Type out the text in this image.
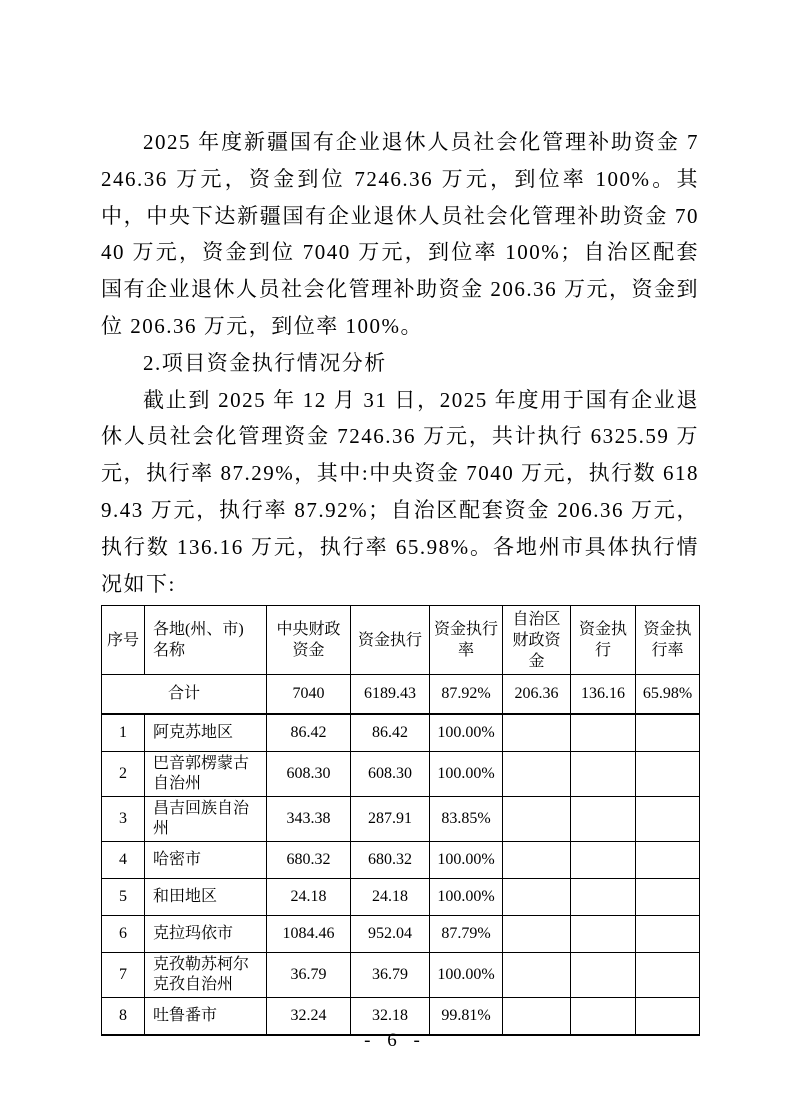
2025 年度新疆国有企业退休人员社会化管理补助资金 7246.36 万元，资金到位 7246.36 万元，到位率 100%。其中，中央下达新疆国有企业退休人员社会化管理补助资金 7040 万元，资金到位 7040 万元，到位率 100%；自治区配套国有企业退休人员社会化管理补助资金 206.36 万元，资金到位 206.36 万元，到位率 100%。

2.项目资金执行情况分析

截止到 2025 年 12 月 31 日，2025 年度用于国有企业退休人员社会化管理资金 7246.36 万元，共计执行 6325.59 万元，执行率 87.29%，其中:中央资金 7040 万元，执行数 6189.43 万元，执行率 87.92%；自治区配套资金 206.36 万元，执行数 136.16 万元，执行率 65.98%。各地州市具体执行情况如下:

序号	各地(州、市)名称	中央财政资金	资金执行	资金执行率	自治区财政资金	资金执行	资金执行率
合计		7040	6189.43	87.92%	206.36	136.16	65.98%
1	阿克苏地区	86.42	86.42	100.00%			
2	巴音郭楞蒙古自治州	608.30	608.30	100.00%			
3	昌吉回族自治州	343.38	287.91	83.85%			
4	哈密市	680.32	680.32	100.00%			
5	和田地区	24.18	24.18	100.00%			
6	克拉玛依市	1084.46	952.04	87.79%			
7	克孜勒苏柯尔克孜自治州	36.79	36.79	100.00%			
8	吐鲁番市	32.24	32.18	99.81%			
- 6 -
